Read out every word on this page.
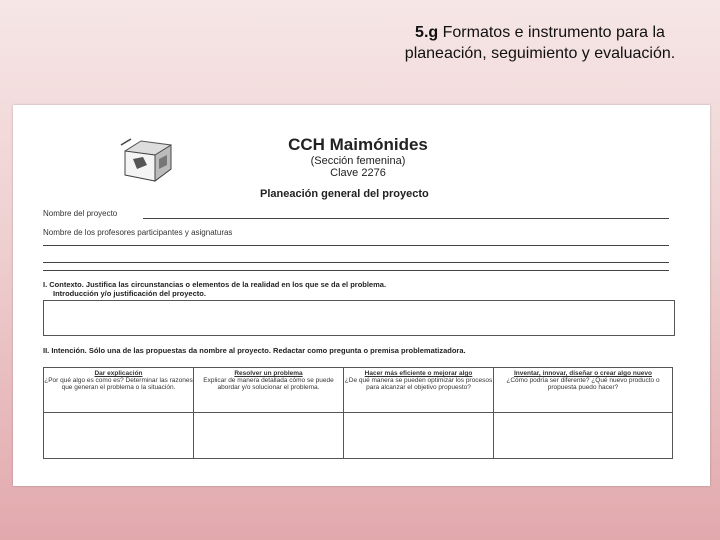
5.g Formatos e instrumento para la planeación, seguimiento y evaluación.
CCH Maimónides
(Sección femenina)
Clave 2276
Planeación general del proyecto
Nombre del proyecto
Nombre de los profesores participantes y asignaturas
I. Contexto. Justifica las circunstancias o elementos de la realidad en los que se da el problema.
Introducción y/o justificación del proyecto.
II. Intención. Sólo una de las propuestas da nombre al proyecto. Redactar como pregunta o premisa problematizadora.
Dar explicación
¿Por qué algo es como es? Determinar las razones que generan el problema o la situación.
Resolver un problema
Explicar de manera detallada cómo se puede abordar y/o solucionar el problema.
Hacer más eficiente o mejorar algo
¿De qué manera se pueden optimizar los procesos para alcanzar el objetivo propuesto?
Inventar, innovar, diseñar o crear algo nuevo
¿Cómo podría ser diferente? ¿Qué nuevo producto o propuesta puedo hacer?
